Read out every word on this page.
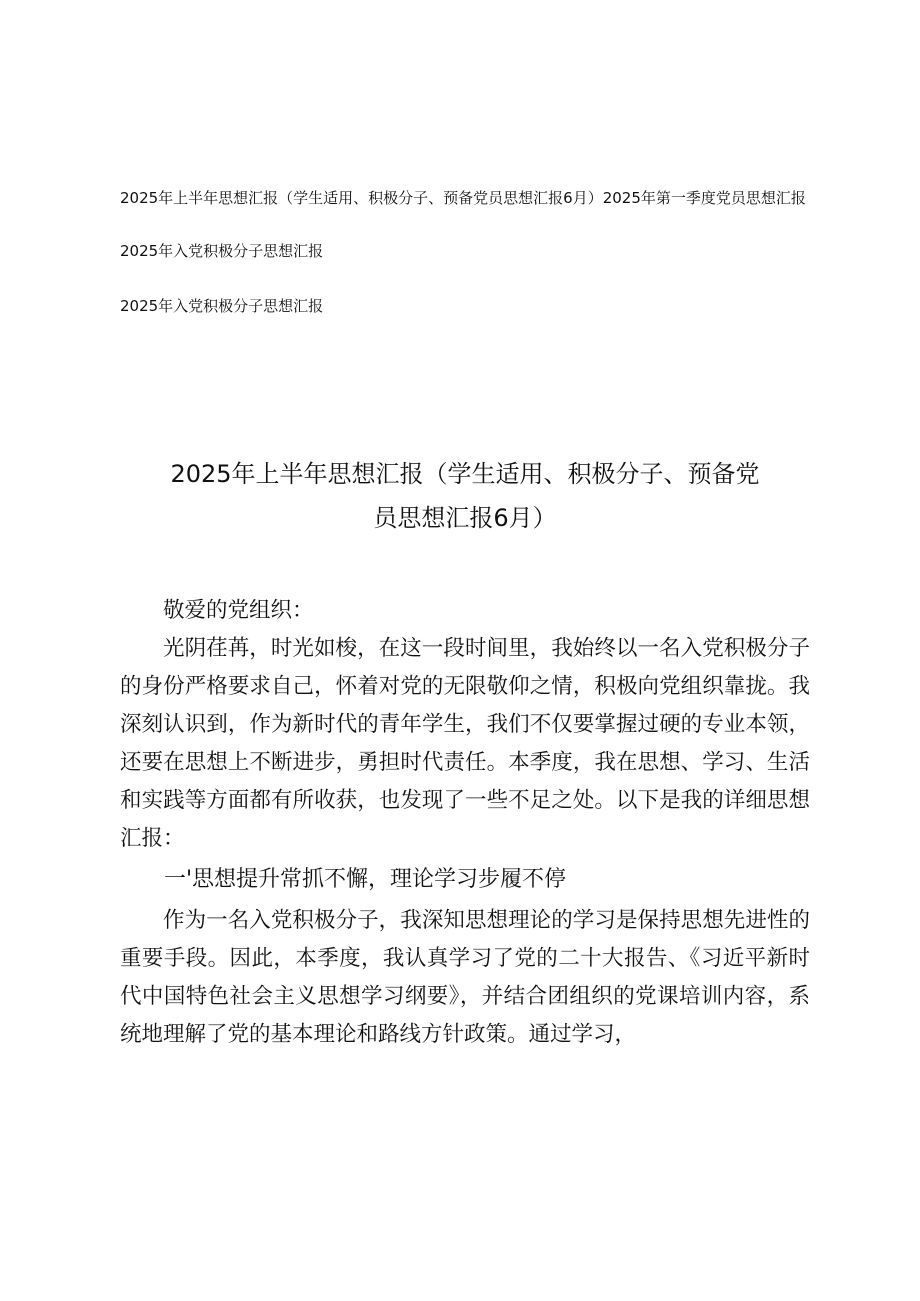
2025年上半年思想汇报（学生适用、积极分子、预备党员思想汇报6月）2025年第一季度党员思想汇报

2025年入党积极分子思想汇报

2025年入党积极分子思想汇报

2025年上半年思想汇报（学生适用、积极分子、预备党
员思想汇报6月）

敬爱的党组织：

光阴荏苒，时光如梭，在这一段时间里，我始终以一名入党积极分子的身份严格要求自己，怀着对党的无限敬仰之情，积极向党组织靠拢。我深刻认识到，作为新时代的青年学生，我们不仅要掌握过硬的专业本领，还要在思想上不断进步，勇担时代责任。本季度，我在思想、学习、生活和实践等方面都有所收获，也发现了一些不足之处。以下是我的详细思想汇报：

一'思想提升常抓不懈，理论学习步履不停

作为一名入党积极分子，我深知思想理论的学习是保持思想先进性的重要手段。因此，本季度，我认真学习了党的二十大报告、《习近平新时代中国特色社会主义思想学习纲要》，并结合团组织的党课培训内容，系统地理解了党的基本理论和路线方针政策。通过学习，
